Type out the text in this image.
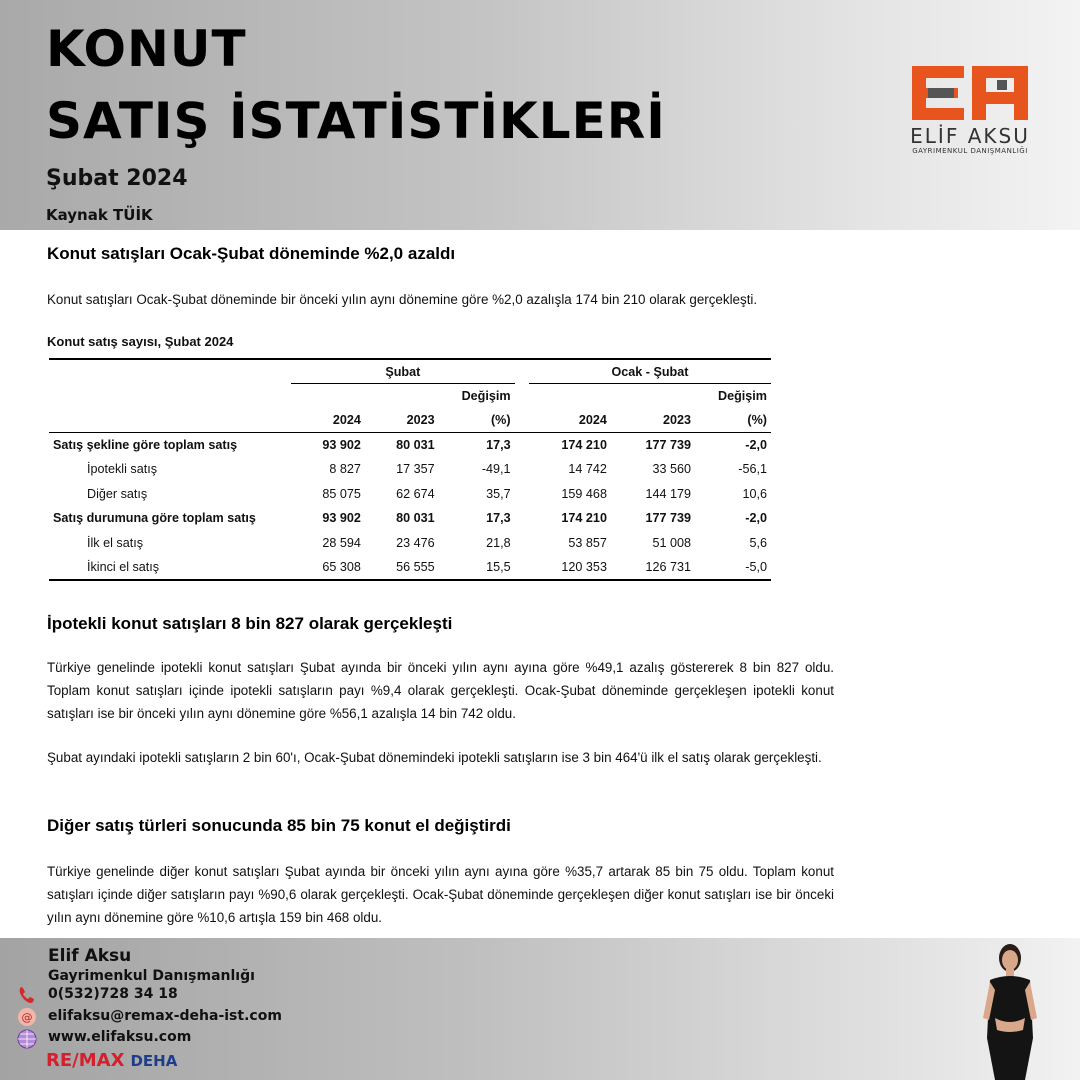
KONUT
SATIŞ İSTATİSTİKLERİ
Şubat 2024
Kaynak TÜİK
ELİF AKSU
GAYRIMENKUL DANIŞMANLIĞI
Konut satışları Ocak-Şubat döneminde %2,0 azaldı
Konut satışları Ocak-Şubat döneminde bir önceki yılın aynı dönemine göre %2,0 azalışla 174 bin 210 olarak gerçekleşti.
Konut satış sayısı, Şubat 2024
	Şubat				Ocak - Şubat		
			Değişim				Değişim
	2024	2023	(%)		2024	2023	(%)
Satış şekline göre toplam satış	93 902	80 031	17,3		174 210	177 739	-2,0
İpotekli satış	8 827	17 357	-49,1		14 742	33 560	-56,1
Diğer satış	85 075	62 674	35,7		159 468	144 179	10,6
Satış durumuna göre toplam satış	93 902	80 031	17,3		174 210	177 739	-2,0
İlk el satış	28 594	23 476	21,8		53 857	51 008	5,6
İkinci el satış	65 308	56 555	15,5		120 353	126 731	-5,0
İpotekli konut satışları 8 bin 827 olarak gerçekleşti
Türkiye genelinde ipotekli konut satışları Şubat ayında bir önceki yılın aynı ayına göre %49,1 azalış göstererek 8 bin 827 oldu. Toplam konut satışları içinde ipotekli satışların payı %9,4 olarak gerçekleşti. Ocak-Şubat döneminde gerçekleşen ipotekli konut satışları ise bir önceki yılın aynı dönemine göre %56,1 azalışla 14 bin 742 oldu.
Şubat ayındaki ipotekli satışların 2 bin 60'ı, Ocak-Şubat dönemindeki ipotekli satışların ise 3 bin 464'ü ilk el satış olarak gerçekleşti.
Diğer satış türleri sonucunda 85 bin 75 konut el değiştirdi
Türkiye genelinde diğer konut satışları Şubat ayında bir önceki yılın aynı ayına göre %35,7 artarak 85 bin 75 oldu. Toplam konut satışları içinde diğer satışların payı %90,6 olarak gerçekleşti. Ocak-Şubat döneminde gerçekleşen diğer konut satışları ise bir önceki yılın aynı dönemine göre %10,6 artışla 159 bin 468 oldu.
Elif Aksu
Gayrimenkul Danışmanlığı
0(532)728 34 18
@ elifaksu@remax-deha-ist.com
www.elifaksu.com
RE/MAX DEHA
